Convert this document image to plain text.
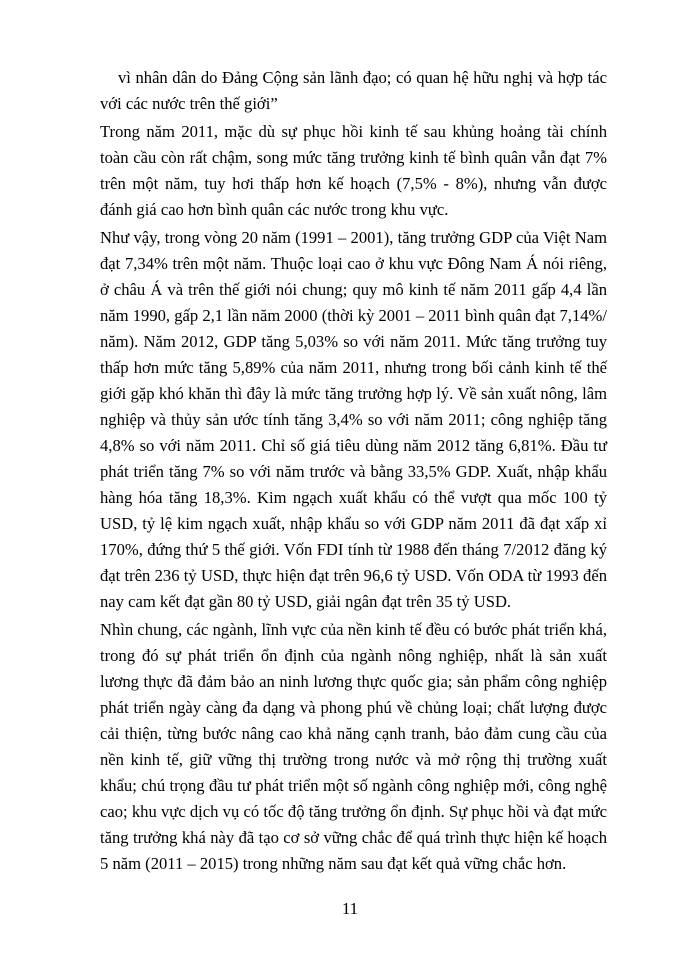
vì nhân dân do Đảng Cộng sản lãnh đạo; có quan hệ hữu nghị và hợp tác với các nước trên thế giới”

Trong năm 2011, mặc dù sự phục hồi kinh tế sau khủng hoảng tài chính toàn cầu còn rất chậm, song mức tăng trưởng kinh tế bình quân vẫn đạt 7% trên một năm, tuy hơi thấp hơn kế hoạch (7,5% - 8%), nhưng vẫn được đánh giá cao hơn bình quân các nước trong khu vực.

Như vậy, trong vòng 20 năm (1991 – 2001), tăng trưởng GDP của Việt Nam đạt 7,34% trên một năm. Thuộc loại cao ở khu vực Đông Nam Á nói riêng, ở châu Á và trên thế giới nói chung; quy mô kinh tế năm 2011 gấp 4,4 lần năm 1990, gấp 2,1 lần năm 2000 (thời kỳ 2001 – 2011 bình quân đạt 7,14%/ năm). Năm 2012, GDP tăng 5,03% so với năm 2011. Mức tăng trưởng tuy thấp hơn mức tăng 5,89% của năm 2011, nhưng trong bối cảnh kinh tế thế giới gặp khó khăn thì đây là mức tăng trưởng hợp lý. Về sản xuất nông, lâm nghiệp và thủy sản ước tính tăng 3,4% so với năm 2011; công nghiệp tăng 4,8% so với năm 2011. Chỉ số giá tiêu dùng năm 2012 tăng 6,81%. Đầu tư phát triển tăng 7% so với năm trước và bằng 33,5% GDP. Xuất, nhập khẩu hàng hóa tăng 18,3%. Kim ngạch xuất khẩu có thể vượt qua mốc 100 tỷ USD, tỷ lệ kim ngạch xuất, nhập khẩu so với GDP năm 2011 đã đạt xấp xỉ 170%, đứng thứ 5 thế giới. Vốn FDI tính từ 1988 đến tháng 7/2012 đăng ký đạt trên 236 tỷ USD, thực hiện đạt trên 96,6 tỷ USD. Vốn ODA từ 1993 đến nay cam kết đạt gần 80 tỷ USD, giải ngân đạt trên 35 tỷ USD.

Nhìn chung, các ngành, lĩnh vực của nền kinh tế đều có bước phát triển khá, trong đó sự phát triển ổn định của ngành nông nghiệp, nhất là sản xuất lương thực đã đảm bảo an ninh lương thực quốc gia; sản phẩm công nghiệp phát triển ngày càng đa dạng và phong phú về chủng loại; chất lượng được cải thiện, từng bước nâng cao khả năng cạnh tranh, bảo đảm cung cầu của nền kinh tế, giữ vững thị trường trong nước và mở rộng thị trường xuất khẩu; chú trọng đầu tư phát triển một số ngành công nghiệp mới, công nghệ cao; khu vực dịch vụ có tốc độ tăng trưởng ổn định. Sự phục hồi và đạt mức tăng trưởng khá này đã tạo cơ sở vững chắc để quá trình thực hiện kế hoạch 5 năm (2011 – 2015) trong những năm sau đạt kết quả vững chắc hơn.

11
